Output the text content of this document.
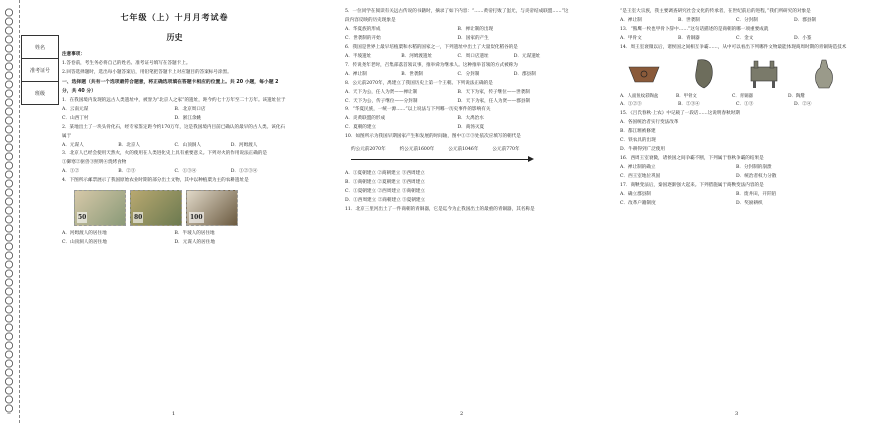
姓名
准考证号
班级

七年级（上）十月月考试卷

历史

注意事项：

1.答卷前，考生务必将自己的姓名、准考证号填写在答题卡上。

2.回答选择题时，选出每小题答案后，用铅笔把答题卡上对应题目的答案标号涂黑。

一、选择题（共有一个选项最符合题意，将正确选项填在答题卡相应的位置上。共 20 小题，每小题 2 分，共 40 分）

1．在我国境内发现的远古人类遗址中，被誉为“北京人之家”的遗址，距今约七十万年至二十万年。该遗址位于

A．云南元谋	B．北京周口店
C．山西丁村	D．浙江余姚

2．某地出土了一块头骨化石，经专家鉴定距今约170万年，这是我国境内目前已确认的最早的古人类。该化石属于

A．元谋人	B．北京人	C．山顶洞人	D．河姆渡人

3．北京人已经会使用天然火，火的使用在人类进化史上具有重要意义。下列对火的作用说法正确的是

①御寒②驱兽③照明④烧烤食物

A．①②	B．②③	C．①③④	D．①②③④

4．下图所示邮票展示了我国原始农业时期的部分出土文物，其中以种植粟为主的农耕遗址是

50	80	100
A．河姆渡人的居住地	B．半坡人的居住地
C．山顶洞人的居住地	D．元谋人的居住地
1

5．一位同学在阅读有关远古传说的书籍时，摘录了如下内容：“……黄帝打败了蚩尤，与炎帝结成联盟……”这段内容反映的历史现象是

A．华夏族的形成	B．禅让制的出现
C．世袭制的开始	D．国家的产生

6．我国是世界上最早培植粟和水稻的国家之一，下列遗址中出土了大量炭化稻谷的是

A．半坡遗址	B．河姆渡遗址	C．周口店遗址	D．元谋遗址

7．传说尧年老时，召集部落首领议事，推举舜为继承人。这种推举首领的方式被称为

A．禅让制	B．世袭制	C．分封制	D．郡县制

8．公元前2070年，禹建立了我国历史上第一个王朝。下列说法正确的是

A．天下为公，任人为贤——禅让制	B．天下为家，传子继位——世袭制
C．天下为公，传子继位——分封制	D．天下为家，任人为贤——郡县制

9．“华夏民族，一统一源……”以上说法与下列哪一历史事件的影响有关

A．炎黄联盟的形成	B．大禹治水
C．夏朝的建立	D．商汤灭夏

10．如图所示为我国早期国家产生和发展的时间轴，图中①②③处依次应填写的朝代是

约公元前2070年	约公元前1600年	公元前1046年	公元前770年

A．①夏朝建立 ②商朝建立 ③西周建立

B．①商朝建立 ②夏朝建立 ③西周建立

C．①夏朝建立 ②西周建立 ③商朝建立

D．①西周建立 ②商朝建立 ③夏朝建立

11．北京三里河出土了一件商朝的青铜器，它是迄今为止我国出土的最重的青铜器，其名称是

2

“是王室大宗族，我主要调查研究社会文化的传承者，在世纪前后的进程，”我们所研究的对象是

A．禅让制	B．世袭制	C．分封制	D．郡县制

13．“熊鹰一枚也甲骨卜辞中……”这句话描述的是商朝的哪一项重要成就

A．甲骨文	B．青铜器	C．金文	D．小篆

14．周王室衰微以后，诸侯国之间相互争霸……，从中可以看出下列哪件文物最能体现商周时期的青铜铸造技术

A．人面鱼纹彩陶盆	B．甲骨文	C．青铜器	D．陶鬶
A．①②③	B．②③④	C．①③	D．②④

15．《吕氏春秋·上农》中记载了一段话……这说明春秋时期

A．各国统治者实行变法改革

B．都江堰被修建

C．铁农具的出现

D．牛耕得到广泛使用

16．西周王室衰微，诸侯国之间争霸不断，下列属于春秋争霸的结果是

A．禅让制的确立	B．分封制的崩溃
C．西王室地位巩固	D．统治者权力分散

17．商鞅变法后，秦国逐渐强大起来。下列措施属于商鞅变法内容的是

A．确立郡县制	B．废井田，开阡陌
C．改革户籍制度	D．奖励耕织
3
